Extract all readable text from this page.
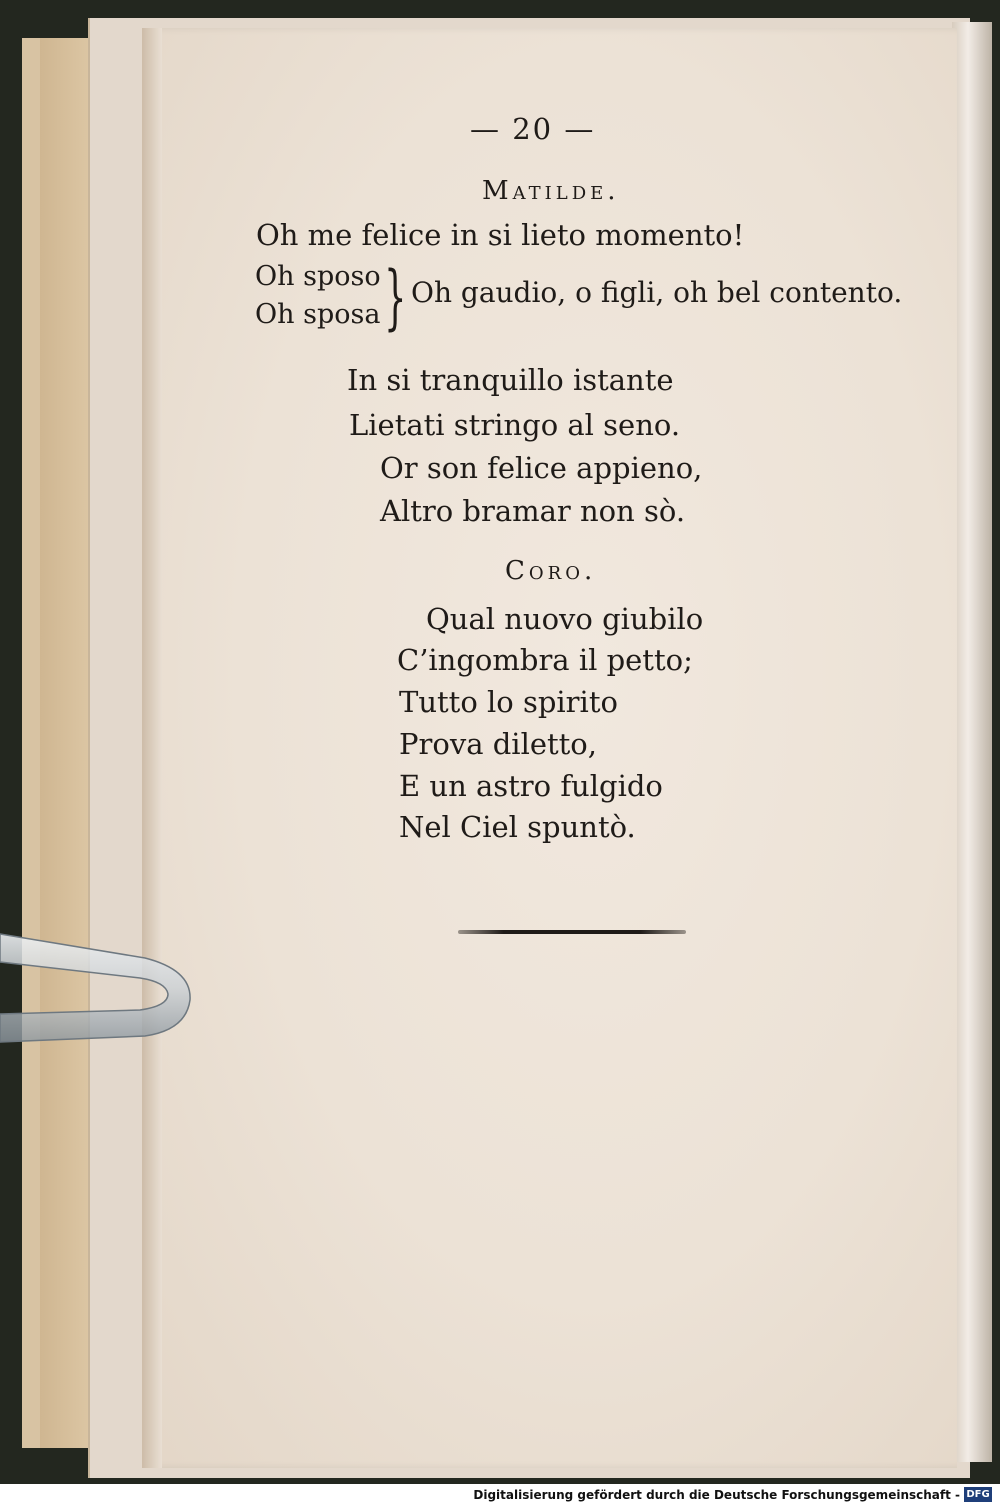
— 20 —
Matilde.
Oh me felice in si lieto momento!
Oh sposo
Oh sposa } Oh gaudio, o figli, oh bel contento.
In si tranquillo istante
Lietati stringo al seno.
Or son felice appieno,
Altro bramar non sò.
Coro.
Qual nuovo giubilo
C’ingombra il petto;
Tutto lo spirito
Prova diletto,
E un astro fulgido
Nel Ciel spuntò.
Digitalisierung gefördert durch die Deutsche Forschungsgemeinschaft - DFG
